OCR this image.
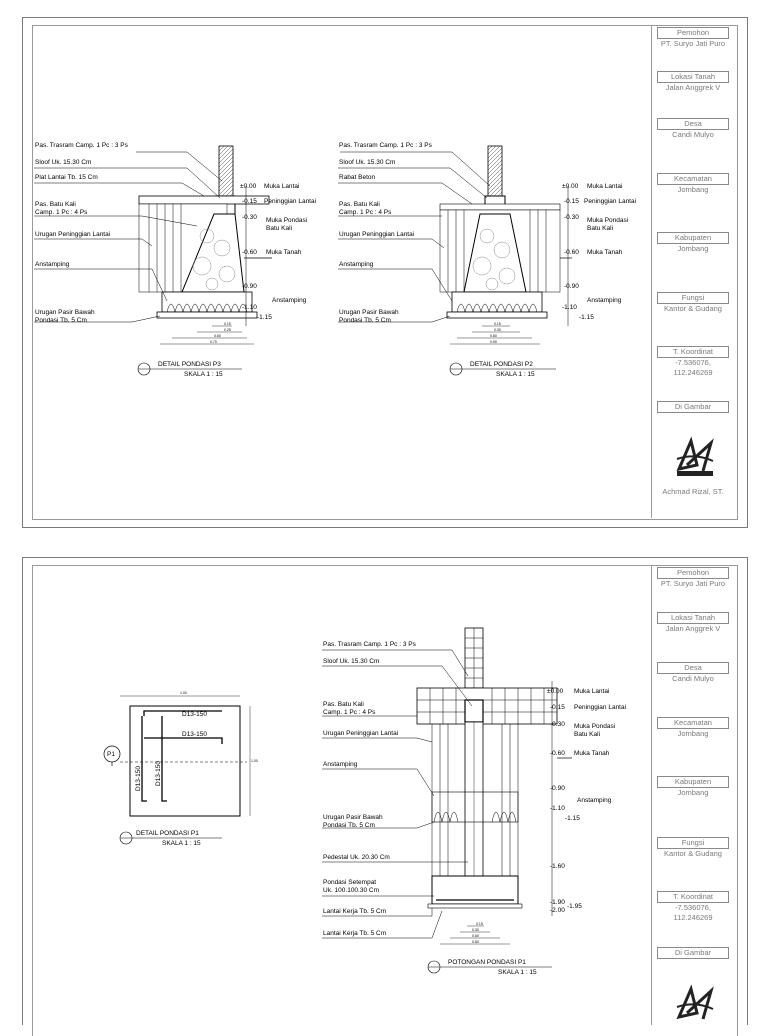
Pas. Trasram Camp. 1 Pc : 3 Ps
Sloof Uk. 15.30 Cm
Plat Lantai Tb. 15 Cm
Pas. Batu Kali
Camp. 1 Pc : 4 Ps
Urugan Peninggian Lantai
Anstamping
Urugan Pasir Bawah
Pondasi Tb. 5 Cm
±0.00 Muka Lantai
-0.15 Peninggian Lantai
-0.30 Muka Pondasi
Batu Kali
-0.60 Muka Tanah
-0.90
Anstamping
-1.10
-1.15
0.15
0.25
0.60
0.70
DETAIL PONDASI P3
SKALA 1 : 15
Pas. Trasram Camp. 1 Pc : 3 Ps
Sloof Uk. 15.30 Cm
Rabat Beton
Pas. Batu Kali
Camp. 1 Pc : 4 Ps
Urugan Peninggian Lantai
Anstamping
Urugan Pasir Bawah
Pondasi Tb. 5 Cm
±0.00 Muka Lantai
-0.15 Peninggian Lantai
-0.30 Muka Pondasi
Batu Kali
-0.60 Muka Tanah
-0.90
Anstamping
-1.10
-1.15
0.15
0.30
0.80
0.90
DETAIL PONDASI P2
SKALA 1 : 15
Pemohon
PT. Suryo Jati Puro
Lokasi Tanah
Jalan Anggrek V
Desa
Candi Mulyo
Kecamatan
Jombang
Kabupaten
Jombang
Fungsi
Kantor & Gudang
T. Koordinat
-7.536076,
112.246269
Di Gambar
Achmad Rizal, ST.
1.00
1.00
P1
D13-150
D13-150
D13-150 D13-150
DETAIL PONDASI P1
SKALA 1 : 15
Pas. Trasram Camp. 1 Pc : 3 Ps
Sloof Uk. 15.30 Cm
Pas. Batu Kali
Camp. 1 Pc : 4 Ps
Urugan Peninggian Lantai
Anstamping
Urugan Pasir Bawah
Pondasi Tb. 5 Cm
Pedestal Uk. 20.30 Cm
Pondasi Setempat
Uk. 100.100.30 Cm
Lantai Kerja Tb. 5 Cm
Lantai Kerja Tb. 5 Cm
±0.00 Muka Lantai
-0.15 Peninggian Lantai
-0.30 Muka Pondasi
Batu Kali
-0.60 Muka Tanah
-0.90
Anstamping
-1.10
-1.15
-1.60
-1.90
-2.00
-1.95
0.15
0.30
0.60
0.80
POTONGAN PONDASI P1
SKALA 1 : 15
Pemohon
PT. Suryo Jati Puro
Lokasi Tanah
Jalan Anggrek V
Desa
Candi Mulyo
Kecamatan
Jombang
Kabupaten
Jombang
Fungsi
Kantor & Gudang
T. Koordinat
-7.536076,
112.246269
Di Gambar
